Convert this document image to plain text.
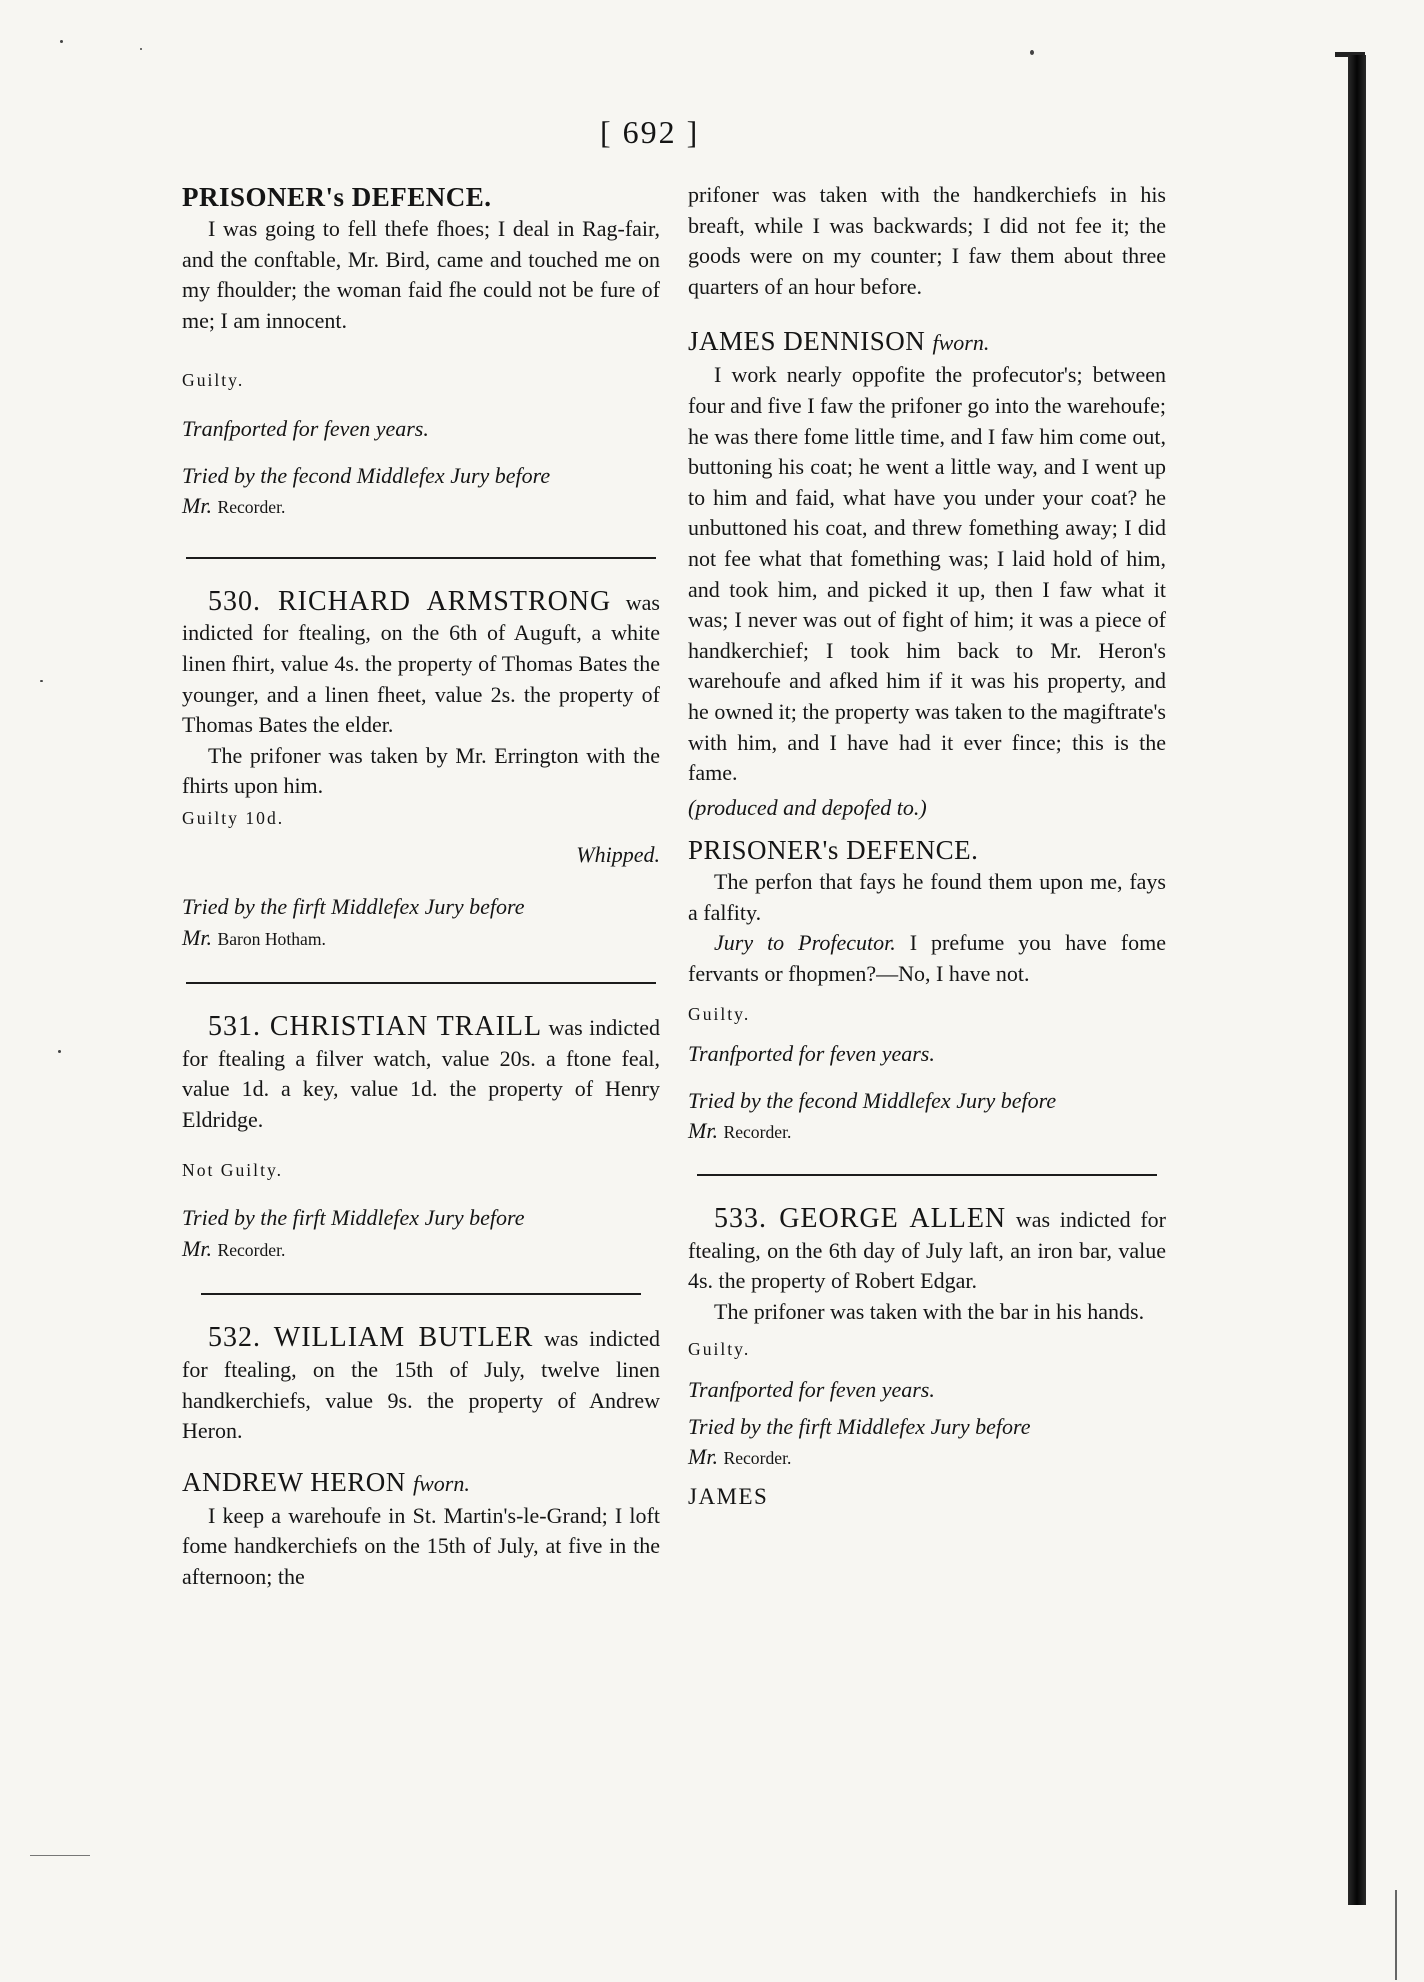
[ 692 ]

PRISONER's DEFENCE.

I was going to fell thefe fhoes; I deal in Rag-fair, and the conftable, Mr. Bird, came and touched me on my fhoulder; the woman faid fhe could not be fure of me; I am innocent.

Guilty.

Tranfported for feven years.

Tried by the fecond Middlefex Jury before
Mr. Recorder.

530. RICHARD ARMSTRONG was indicted for ftealing, on the 6th of Auguft, a white linen fhirt, value 4s. the property of Thomas Bates the younger, and a linen fheet, value 2s. the property of Thomas Bates the elder.

The prifoner was taken by Mr. Errington with the fhirts upon him.

Guilty 10d.

Whipped.

Tried by the firft Middlefex Jury before
Mr. Baron Hotham.

531. CHRISTIAN TRAILL was indicted for ftealing a filver watch, value 20s. a ftone feal, value 1d. a key, value 1d. the property of Henry Eldridge.

Not Guilty.

Tried by the firft Middlefex Jury before
Mr. Recorder.

532. WILLIAM BUTLER was indicted for ftealing, on the 15th of July, twelve linen handkerchiefs, value 9s. the property of Andrew Heron.

ANDREW HERON fworn.

I keep a warehoufe in St. Martin's-le-Grand; I loft fome handkerchiefs on the 15th of July, at five in the afternoon; the

prifoner was taken with the handkerchiefs in his breaft, while I was backwards; I did not fee it; the goods were on my counter; I faw them about three quarters of an hour before.

JAMES DENNISON fworn.

I work nearly oppofite the profecutor's; between four and five I faw the prifoner go into the warehoufe; he was there fome little time, and I faw him come out, buttoning his coat; he went a little way, and I went up to him and faid, what have you under your coat? he unbuttoned his coat, and threw fomething away; I did not fee what that fomething was; I laid hold of him, and took him, and picked it up, then I faw what it was; I never was out of fight of him; it was a piece of handkerchief; I took him back to Mr. Heron's warehoufe and afked him if it was his property, and he owned it; the property was taken to the magiftrate's with him, and I have had it ever fince; this is the fame.

(produced and depofed to.)

PRISONER's DEFENCE.

The perfon that fays he found them upon me, fays a falfity.

Jury to Profecutor. I prefume you have fome fervants or fhopmen?—No, I have not.

Guilty.

Tranfported for feven years.

Tried by the fecond Middlefex Jury before
Mr. Recorder.

533. GEORGE ALLEN was indicted for ftealing, on the 6th day of July laft, an iron bar, value 4s. the property of Robert Edgar.

The prifoner was taken with the bar in his hands.

Guilty.

Tranfported for feven years.

Tried by the firft Middlefex Jury before
Mr. Recorder.

JAMES
